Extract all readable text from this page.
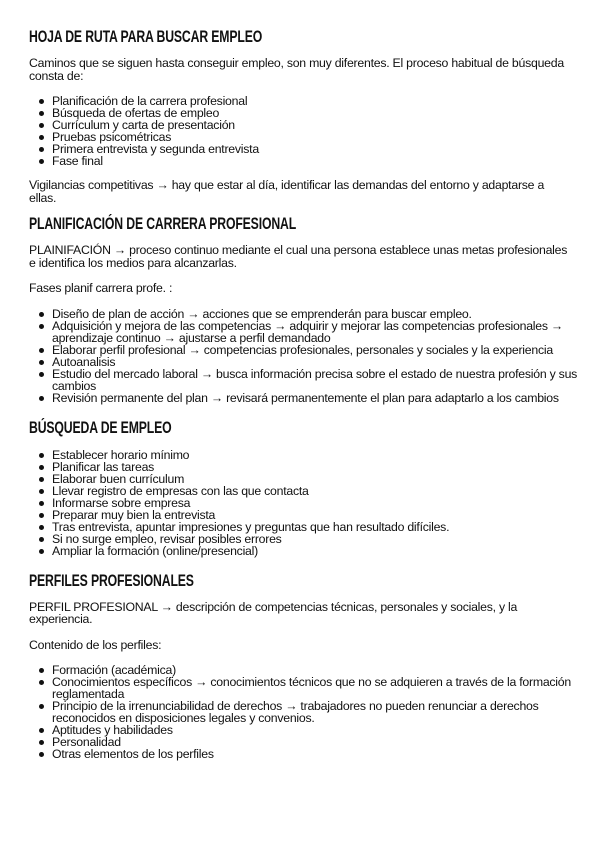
HOJA DE RUTA PARA BUSCAR EMPLEO

Caminos que se siguen hasta conseguir empleo, son muy diferentes. El proceso habitual de búsqueda consta de:

Planificación de la carrera profesional
Búsqueda de ofertas de empleo
Currículum y carta de presentación
Pruebas psicométricas
Primera entrevista y segunda entrevista
Fase final

Vigilancias competitivas → hay que estar al día, identificar las demandas del entorno y adaptarse a ellas.

PLANIFICACIÓN DE CARRERA PROFESIONAL

PLAINIFACIÓN → proceso continuo mediante el cual una persona establece unas metas profesionales e identifica los medios para alcanzarlas.

Fases planif carrera profe. :

Diseño de plan de acción → acciones que se emprenderán para buscar empleo.
Adquisición y mejora de las competencias → adquirir y mejorar las competencias profesionales → aprendizaje continuo → ajustarse a perfil demandado
Elaborar perfil profesional → competencias profesionales, personales y sociales y la experiencia
Autoanalisis
Estudio del mercado laboral → busca información precisa sobre el estado de nuestra profesión y sus cambios
Revisión permanente del plan → revisará permanentemente el plan para adaptarlo a los cambios
BÚSQUEDA DE EMPLEO
Establecer horario mínimo
Planificar las tareas
Elaborar buen currículum
Llevar registro de empresas con las que contacta
Informarse sobre empresa
Preparar muy bien la entrevista
Tras entrevista, apuntar impresiones y preguntas que han resultado difíciles.
Si no surge empleo, revisar posibles errores
Ampliar la formación (online/presencial)
PERFILES PROFESIONALES

PERFIL PROFESIONAL → descripción de competencias técnicas, personales y sociales, y la experiencia.

Contenido de los perfiles:

Formación (académica)
Conocimientos específicos → conocimientos técnicos que no se adquieren a través de la formación reglamentada
Principio de la irrenunciabilidad de derechos → trabajadores no pueden renunciar a derechos reconocidos en disposiciones legales y convenios.
Aptitudes y habilidades
Personalidad
Otras elementos de los perfiles
